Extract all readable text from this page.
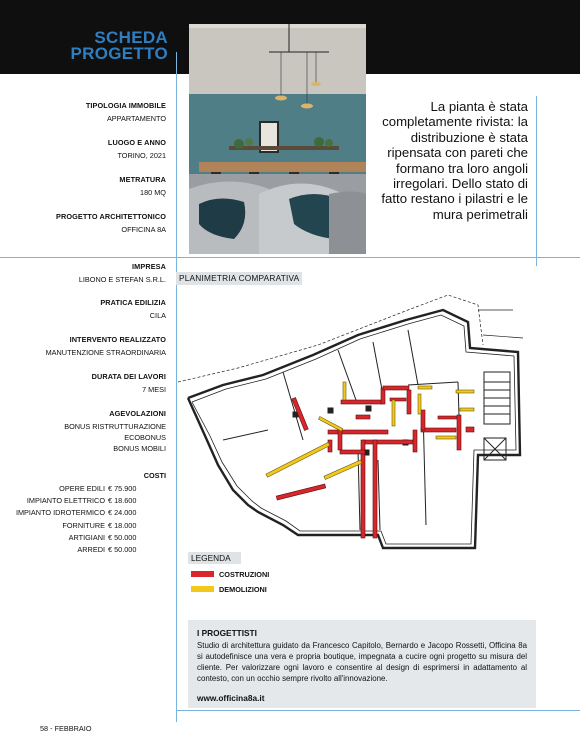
SCHEDA
PROGETTO
La pianta è stata completamente rivista: la distribuzione è stata ripensata con pareti che formano tra loro angoli irregolari. Dello stato di fatto restano i pilastri e le mura perimetrali
TIPOLOGIA IMMOBILE
APPARTAMENTO
LUOGO E ANNO
TORINO, 2021
METRATURA
180 MQ
PROGETTO ARCHITETTONICO
OFFICINA 8A
IMPRESA
LIBONO E STEFAN S.R.L.
PRATICA EDILIZIA
CILA
INTERVENTO REALIZZATO
MANUTENZIONE STRAORDINARIA
DURATA DEI LAVORI
7 MESI
AGEVOLAZIONI
BONUS RISTRUTTURAZIONE
ECOBONUS
BONUS MOBILI
COSTI
OPERE EDILI € 75.900
IMPIANTO ELETTRICO € 18.600
IMPIANTO IDROTERMICO € 24.000
FORNITURE € 18.000
ARTIGIANI € 50.000
ARREDI € 50.000
PLANIMETRIA COMPARATIVA
LEGENDA
COSTRUZIONI
DEMOLIZIONI
I PROGETTISTI
Studio di architettura guidato da Francesco Capitolo, Bernardo e Jacopo Rossetti, Officina 8a si autodefinisce una vera e propria boutique, impegnata a cucire ogni progetto su misura del cliente. Per valorizzare ogni lavoro e consentire al design di esprimersi in adattamento al contesto, con un occhio sempre rivolto all'innovazione.
www.officina8a.it
58 - FEBBRAIO
